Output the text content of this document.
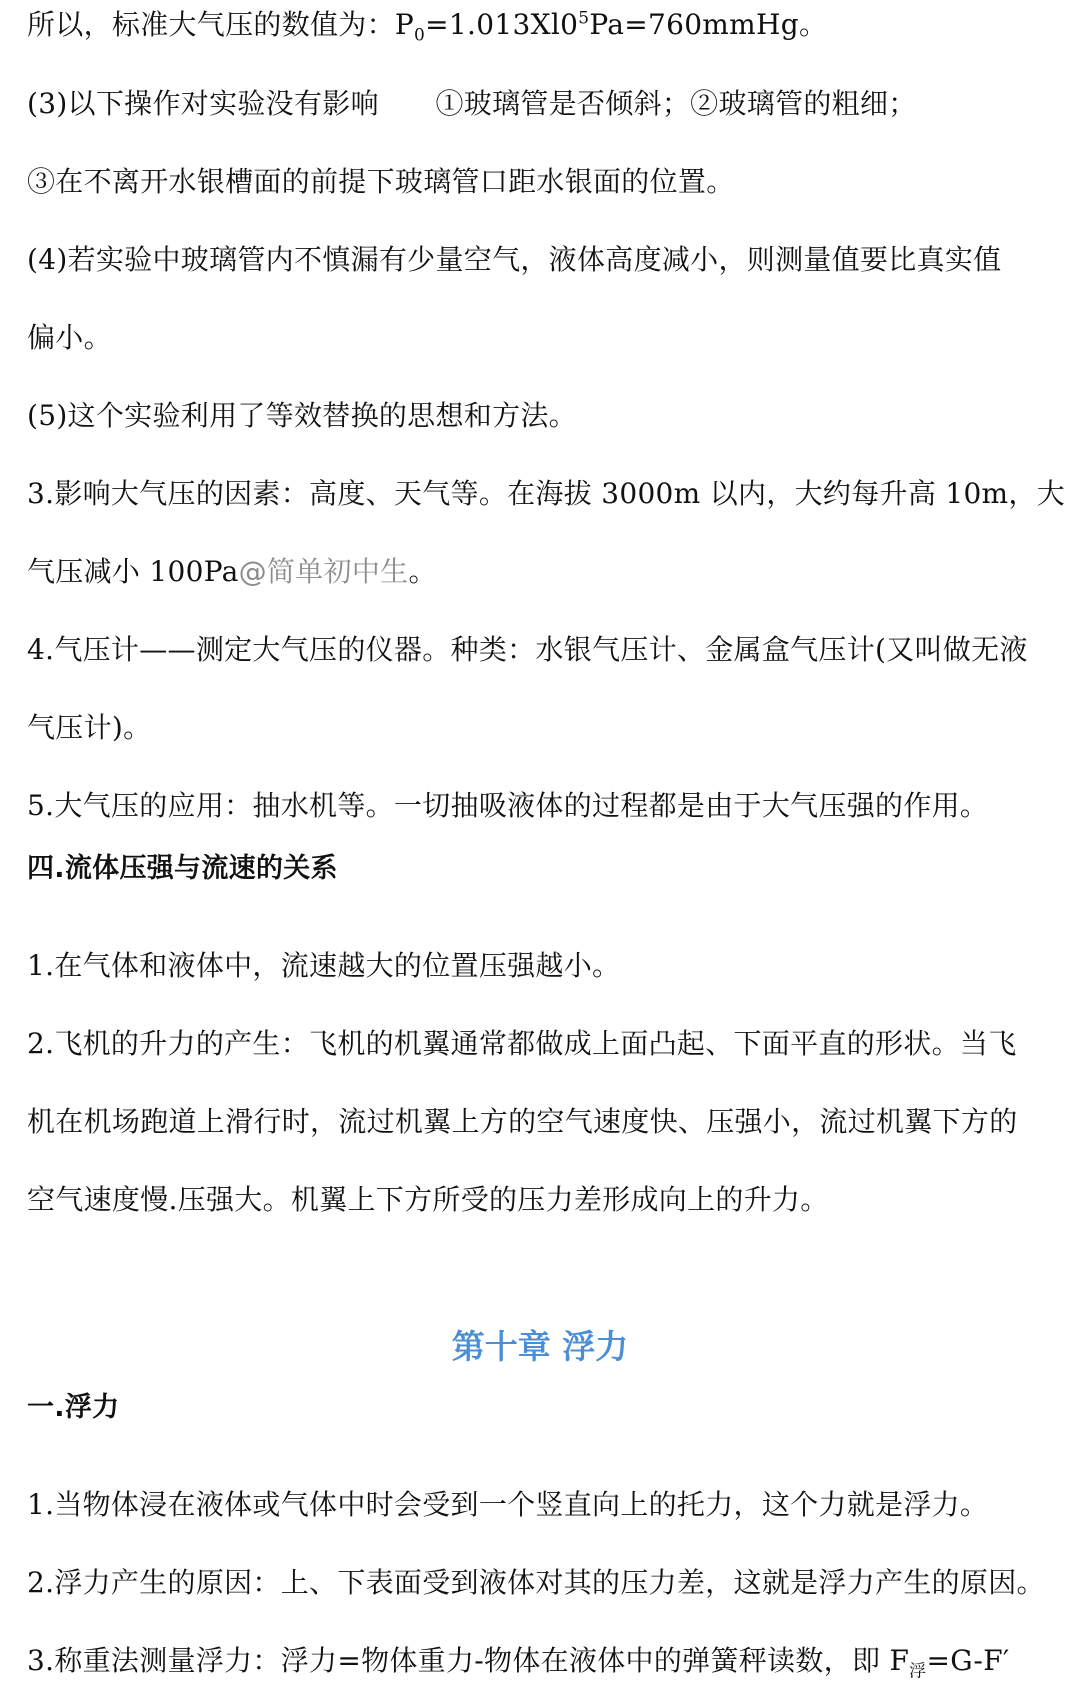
所以，标准大气压的数值为：$P_0=1.013Xl0^5Pa=760mmHg$。
(3)以下操作对实验没有影响　　①玻璃管是否倾斜；②玻璃管的粗细；
③在不离开水银槽面的前提下玻璃管口距水银面的位置。
(4)若实验中玻璃管内不慎漏有少量空气，液体高度减小，则测量值要比真实值
偏小。
(5)这个实验利用了等效替换的思想和方法。
3.影响大气压的因素：高度、天气等。在海拔 3000m 以内，大约每升高 10m，大
气压减小 100Pa@简单初中生。
4.气压计——测定大气压的仪器。种类：水银气压计、金属盒气压计(又叫做无液
气压计)。
5.大气压的应用：抽水机等。一切抽吸液体的过程都是由于大气压强的作用。
四.流体压强与流速的关系
1.在气体和液体中，流速越大的位置压强越小。
2.飞机的升力的产生：飞机的机翼通常都做成上面凸起、下面平直的形状。当飞
机在机场跑道上滑行时，流过机翼上方的空气速度快、压强小，流过机翼下方的
空气速度慢.压强大。机翼上下方所受的压力差形成向上的升力。
第十章 浮力
一.浮力
1.当物体浸在液体或气体中时会受到一个竖直向上的托力，这个力就是浮力。
2.浮力产生的原因：上、下表面受到液体对其的压力差，这就是浮力产生的原因。
3.称重法测量浮力：浮力=物体重力-物体在液体中的弹簧秤读数，即 $F_浮=G-F'$
